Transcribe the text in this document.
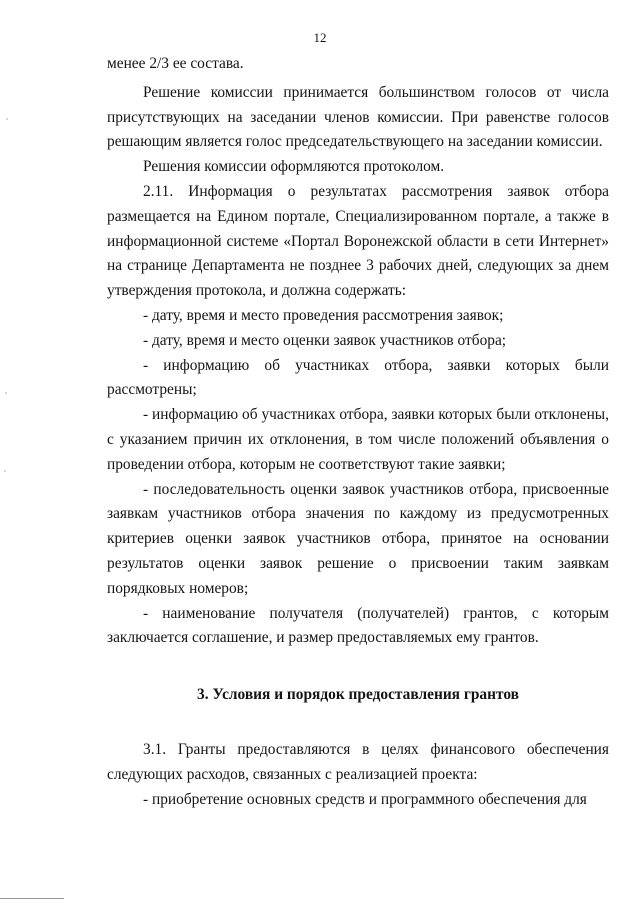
12

менее 2/3 ее состава.

Решение комиссии принимается большинством голосов от числа присутствующих на заседании членов комиссии. При равенстве голосов решающим является голос председательствующего на заседании комиссии.

Решения комиссии оформляются протоколом.

2.11. Информация о результатах рассмотрения заявок отбора размещается на Едином портале, Специализированном портале, а также в информационной системе «Портал Воронежской области в сети Интернет» на странице Департамента не позднее 3 рабочих дней, следующих за днем утверждения протокола, и должна содержать:

- дату, время и место проведения рассмотрения заявок;

- дату, время и место оценки заявок участников отбора;

- информацию об участниках отбора, заявки которых были рассмотрены;

- информацию об участниках отбора, заявки которых были отклонены, с указанием причин их отклонения, в том числе положений объявления о проведении отбора, которым не соответствуют такие заявки;

- последовательность оценки заявок участников отбора, присвоенные заявкам участников отбора значения по каждому из предусмотренных критериев оценки заявок участников отбора, принятое на основании результатов оценки заявок решение о присвоении таким заявкам порядковых номеров;

- наименование получателя (получателей) грантов, с которым заключается соглашение, и размер предоставляемых ему грантов.

3. Условия и порядок предоставления грантов

3.1. Гранты предоставляются в целях финансового обеспечения следующих расходов, связанных с реализацией проекта:

- приобретение основных средств и программного обеспечения для
